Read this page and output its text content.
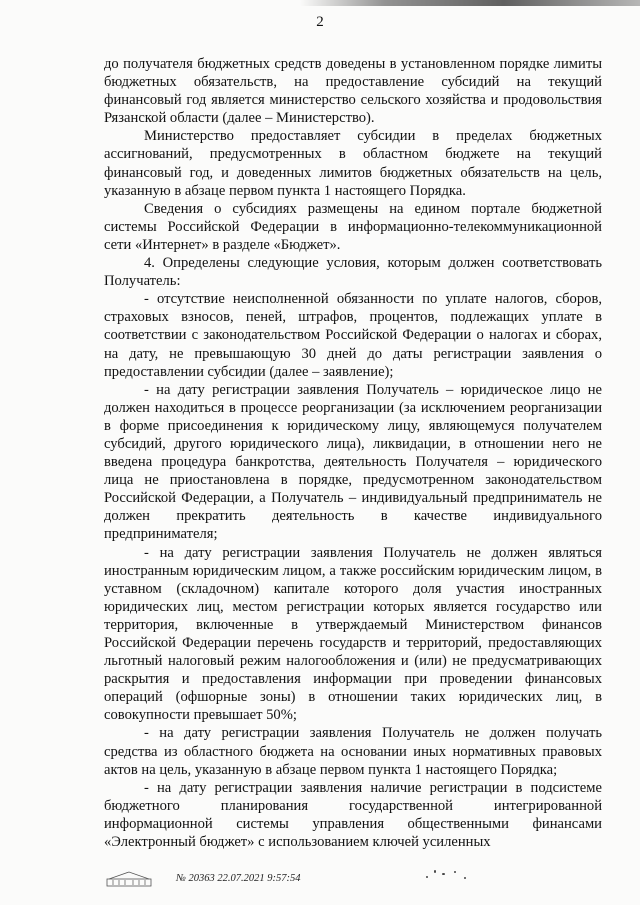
2

до получателя бюджетных средств доведены в установленном порядке лимиты бюджетных обязательств, на предоставление субсидий на текущий финансовый год является министерство сельского хозяйства и продовольствия Рязанской области (далее – Министерство).

Министерство предоставляет субсидии в пределах бюджетных ассигнований, предусмотренных в областном бюджете на текущий финансовый год, и доведенных лимитов бюджетных обязательств на цель, указанную в абзаце первом пункта 1 настоящего Порядка.

Сведения о субсидиях размещены на едином портале бюджетной системы Российской Федерации в информационно-телекоммуникационной сети «Интернет» в разделе «Бюджет».

4. Определены следующие условия, которым должен соответствовать Получатель:

- отсутствие неисполненной обязанности по уплате налогов, сборов, страховых взносов, пеней, штрафов, процентов, подлежащих уплате в соответствии с законодательством Российской Федерации о налогах и сборах, на дату, не превышающую 30 дней до даты регистрации заявления о предоставлении субсидии (далее – заявление);

- на дату регистрации заявления Получатель – юридическое лицо не должен находиться в процессе реорганизации (за исключением реорганизации в форме присоединения к юридическому лицу, являющемуся получателем субсидий, другого юридического лица), ликвидации, в отношении него не введена процедура банкротства, деятельность Получателя – юридического лица не приостановлена в порядке, предусмотренном законодательством Российской Федерации, а Получатель – индивидуальный предприниматель не должен прекратить деятельность в качестве индивидуального предпринимателя;

- на дату регистрации заявления Получатель не должен являться иностранным юридическим лицом, а также российским юридическим лицом, в уставном (складочном) капитале которого доля участия иностранных юридических лиц, местом регистрации которых является государство или территория, включенные в утверждаемый Министерством финансов Российской Федерации перечень государств и территорий, предоставляющих льготный налоговый режим налогообложения и (или) не предусматривающих раскрытия и предоставления информации при проведении финансовых операций (офшорные зоны) в отношении таких юридических лиц, в совокупности превышает 50%;

- на дату регистрации заявления Получатель не должен получать средства из областного бюджета на основании иных нормативных правовых актов на цель, указанную в абзаце первом пункта 1 настоящего Порядка;

- на дату регистрации заявления наличие регистрации в подсистеме бюджетного планирования государственной интегрированной информационной системы управления общественными финансами «Электронный бюджет» с использованием ключей усиленных

№ 20363 22.07.2021 9:57:54
